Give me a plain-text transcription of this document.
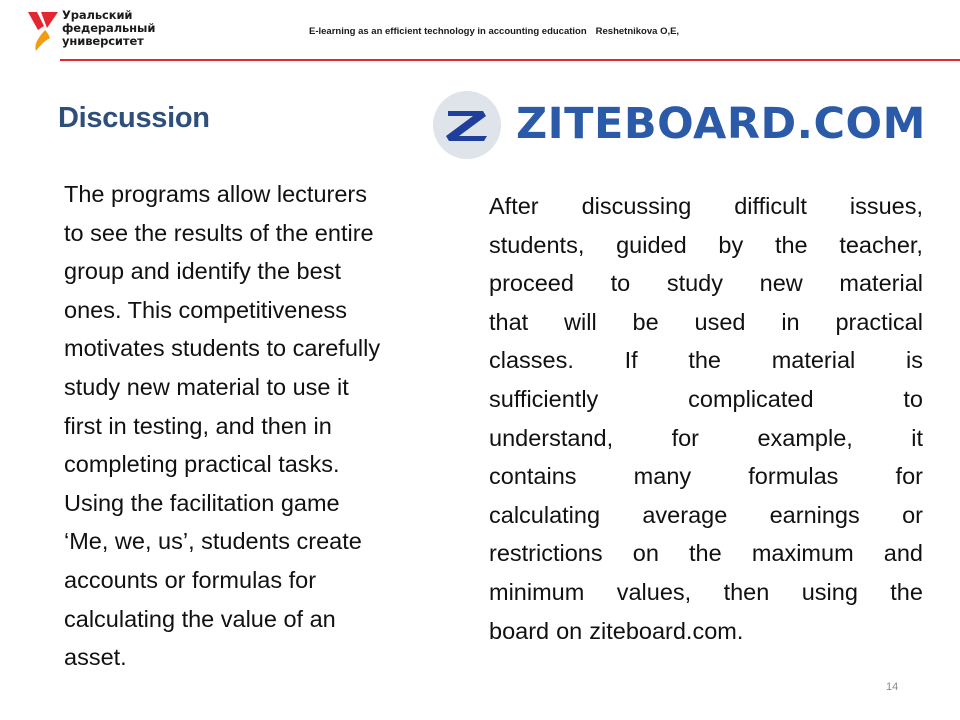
Уральский
федеральный
университет
E-learning as an efficient technology in accounting education Reshetnikova O,E,
Discussion	ZITEBOARD.COM
The programs allow lecturers
to see the results of the entire
group and identify the best
ones. This competitiveness
motivates students to carefully
study new material to use it
first in testing, and then in
completing practical tasks.
Using the facilitation game
‘Me, we, us’, students create
accounts or formulas for
calculating the value of an
asset.
After discussing difficult issues,
students, guided by the teacher,
proceed to study new material
that will be used in practical
classes. If the material is
sufficiently	complicated	to
understand, for example, it
contains many formulas for
calculating average earnings or
restrictions on the maximum and
minimum values, then using the
board on ziteboard.com.
14
